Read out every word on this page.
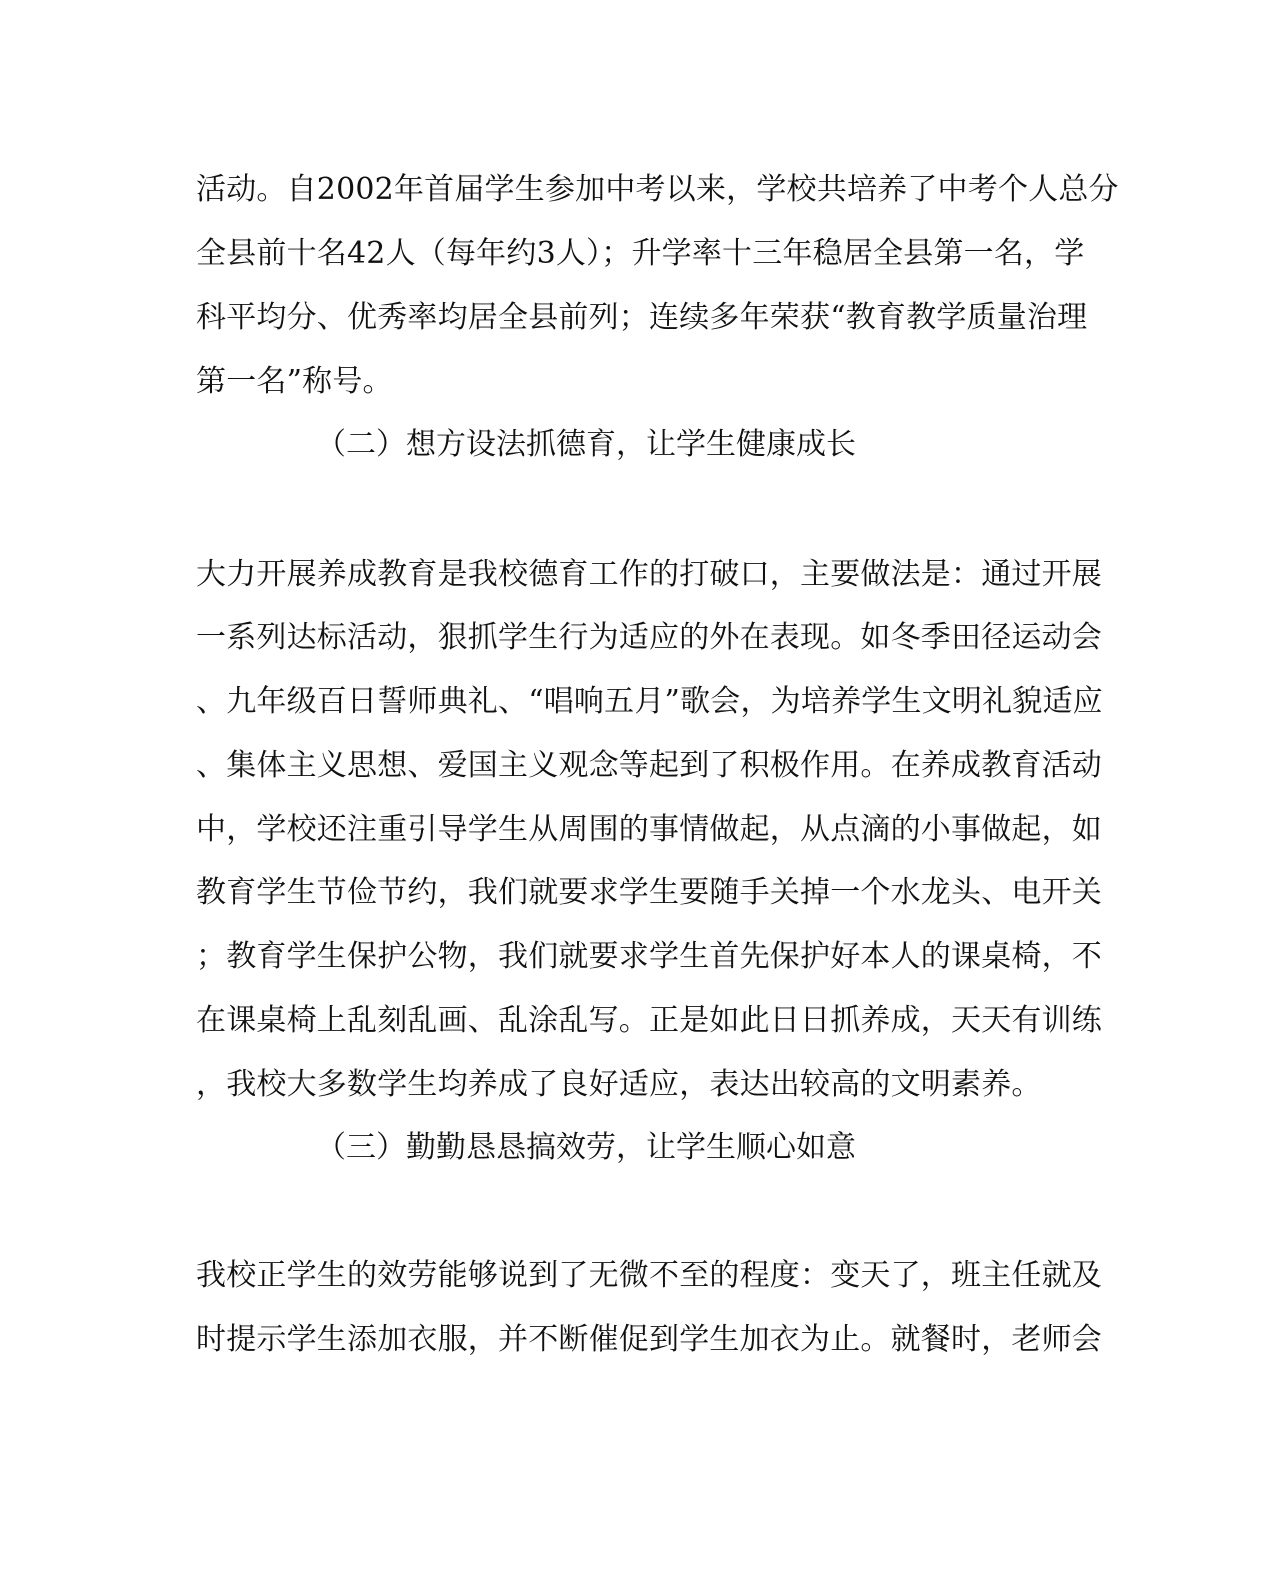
活动。自2002年首届学生参加中考以来，学校共培养了中考个人总分
全县前十名42人（每年约3人）；升学率十三年稳居全县第一名，学
科平均分、优秀率均居全县前列；连续多年荣获“教育教学质量治理
第一名”称号。
（二）想方设法抓德育，让学生健康成长
大力开展养成教育是我校德育工作的打破口，主要做法是：通过开展
一系列达标活动，狠抓学生行为适应的外在表现。如冬季田径运动会
、九年级百日誓师典礼、“唱响五月”歌会，为培养学生文明礼貌适应
、集体主义思想、爱国主义观念等起到了积极作用。在养成教育活动
中，学校还注重引导学生从周围的事情做起，从点滴的小事做起，如
教育学生节俭节约，我们就要求学生要随手关掉一个水龙头、电开关
；教育学生保护公物，我们就要求学生首先保护好本人的课桌椅，不
在课桌椅上乱刻乱画、乱涂乱写。正是如此日日抓养成，天天有训练
，我校大多数学生均养成了良好适应，表达出较高的文明素养。
（三）勤勤恳恳搞效劳，让学生顺心如意
我校正学生的效劳能够说到了无微不至的程度：变天了，班主任就及
时提示学生添加衣服，并不断催促到学生加衣为止。就餐时，老师会
